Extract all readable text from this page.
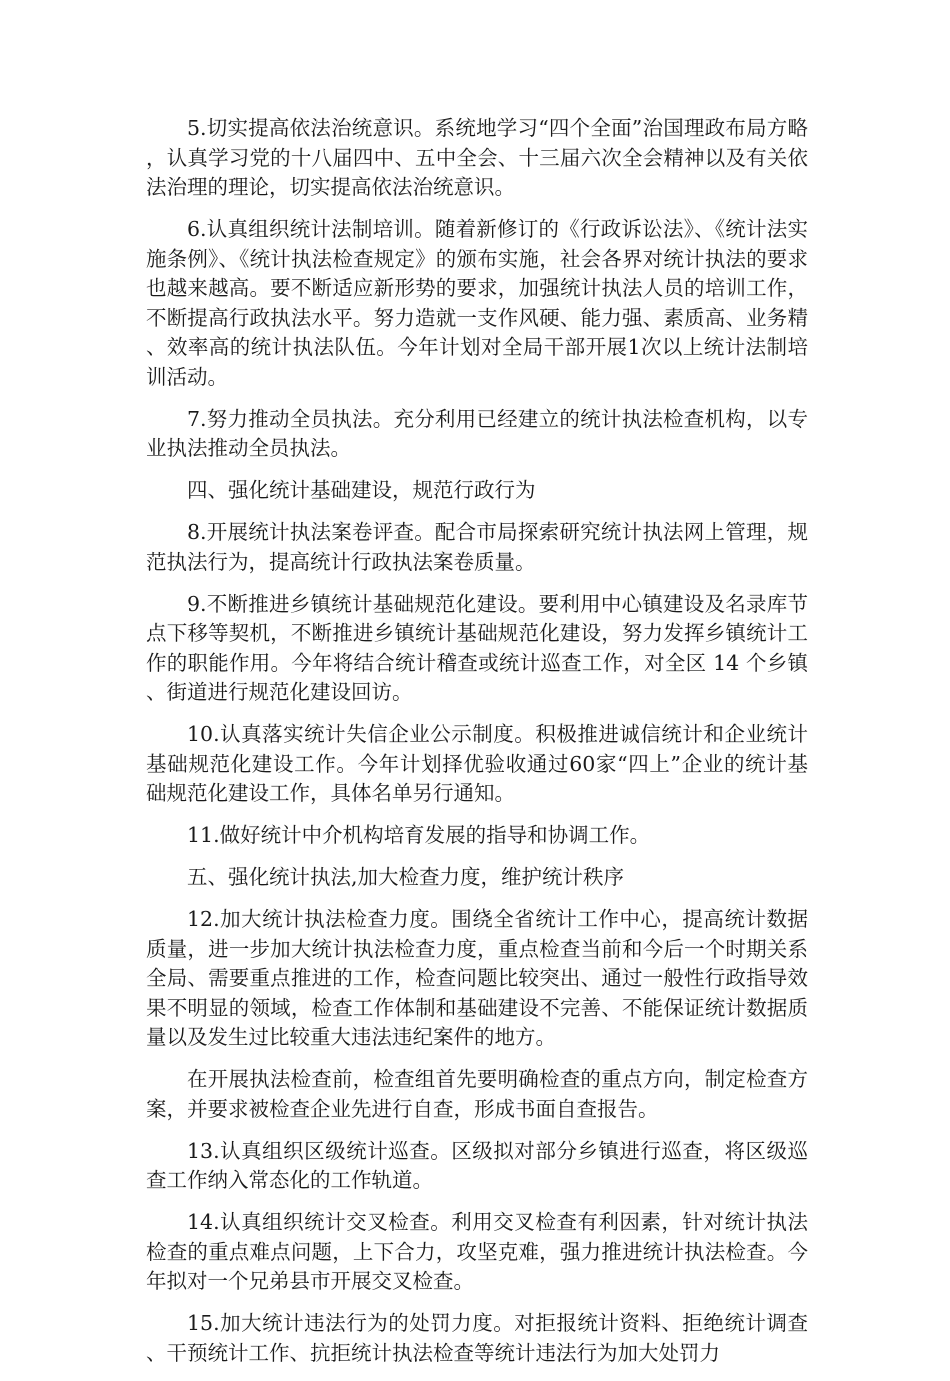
5.切实提高依法治统意识。系统地学习“四个全面”治国理政布局方略，认真学习党的十八届四中、五中全会、十三届六次全会精神以及有关依法治理的理论，切实提高依法治统意识。

6.认真组织统计法制培训。随着新修订的《行政诉讼法》、《统计法实施条例》、《统计执法检查规定》的颁布实施，社会各界对统计执法的要求也越来越高。要不断适应新形势的要求，加强统计执法人员的培训工作，不断提高行政执法水平。努力造就一支作风硬、能力强、素质高、业务精、效率高的统计执法队伍。今年计划对全局干部开展1次以上统计法制培训活动。

7.努力推动全员执法。充分利用已经建立的统计执法检查机构，以专业执法推动全员执法。

四、强化统计基础建设，规范行政行为

8.开展统计执法案卷评查。配合市局探索研究统计执法网上管理，规范执法行为，提高统计行政执法案卷质量。

9.不断推进乡镇统计基础规范化建设。要利用中心镇建设及名录库节点下移等契机，不断推进乡镇统计基础规范化建设，努力发挥乡镇统计工作的职能作用。今年将结合统计稽查或统计巡查工作，对全区 14 个乡镇、街道进行规范化建设回访。

10.认真落实统计失信企业公示制度。积极推进诚信统计和企业统计基础规范化建设工作。今年计划择优验收通过60家“四上”企业的统计基础规范化建设工作，具体名单另行通知。

11.做好统计中介机构培育发展的指导和协调工作。

五、强化统计执法,加大检查力度，维护统计秩序

12.加大统计执法检查力度。围绕全省统计工作中心，提高统计数据质量，进一步加大统计执法检查力度，重点检查当前和今后一个时期关系全局、需要重点推进的工作，检查问题比较突出、通过一般性行政指导效果不明显的领域，检查工作体制和基础建设不完善、不能保证统计数据质量以及发生过比较重大违法违纪案件的地方。

在开展执法检查前，检查组首先要明确检查的重点方向，制定检查方案，并要求被检查企业先进行自查，形成书面自查报告。

13.认真组织区级统计巡查。区级拟对部分乡镇进行巡查，将区级巡查工作纳入常态化的工作轨道。

14.认真组织统计交叉检查。利用交叉检查有利因素，针对统计执法检查的重点难点问题，上下合力，攻坚克难，强力推进统计执法检查。今年拟对一个兄弟县市开展交叉检查。

15.加大统计违法行为的处罚力度。对拒报统计资料、拒绝统计调查、干预统计工作、抗拒统计执法检查等统计违法行为加大处罚力
